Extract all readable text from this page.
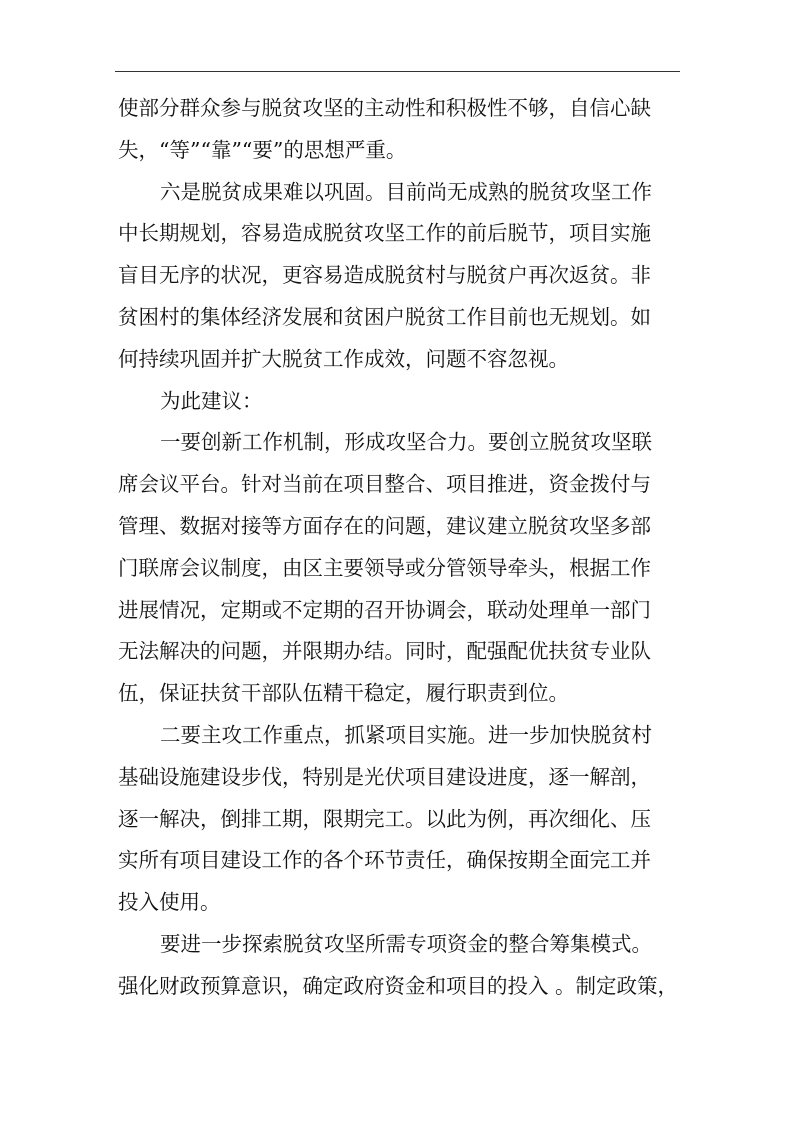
使部分群众参与脱贫攻坚的主动性和积极性不够，自信心缺
失，“等”“靠”“要”的思想严重。
六是脱贫成果难以巩固。目前尚无成熟的脱贫攻坚工作
中长期规划，容易造成脱贫攻坚工作的前后脱节，项目实施
盲目无序的状况，更容易造成脱贫村与脱贫户再次返贫。非
贫困村的集体经济发展和贫困户脱贫工作目前也无规划。如
何持续巩固并扩大脱贫工作成效，问题不容忽视。
为此建议：
一要创新工作机制，形成攻坚合力。要创立脱贫攻坚联
席会议平台。针对当前在项目整合、项目推进，资金拨付与
管理、数据对接等方面存在的问题，建议建立脱贫攻坚多部
门联席会议制度，由区主要领导或分管领导牵头，根据工作
进展情况，定期或不定期的召开协调会，联动处理单一部门
无法解决的问题，并限期办结。同时，配强配优扶贫专业队
伍，保证扶贫干部队伍精干稳定，履行职责到位。
二要主攻工作重点，抓紧项目实施。进一步加快脱贫村
基础设施建设步伐，特别是光伏项目建设进度，逐一解剖，
逐一解决，倒排工期，限期完工。以此为例，再次细化、压
实所有项目建设工作的各个环节责任，确保按期全面完工并
投入使用。
要进一步探索脱贫攻坚所需专项资金的整合筹集模式。
强化财政预算意识，确定政府资金和项目的投入 。制定政策，
